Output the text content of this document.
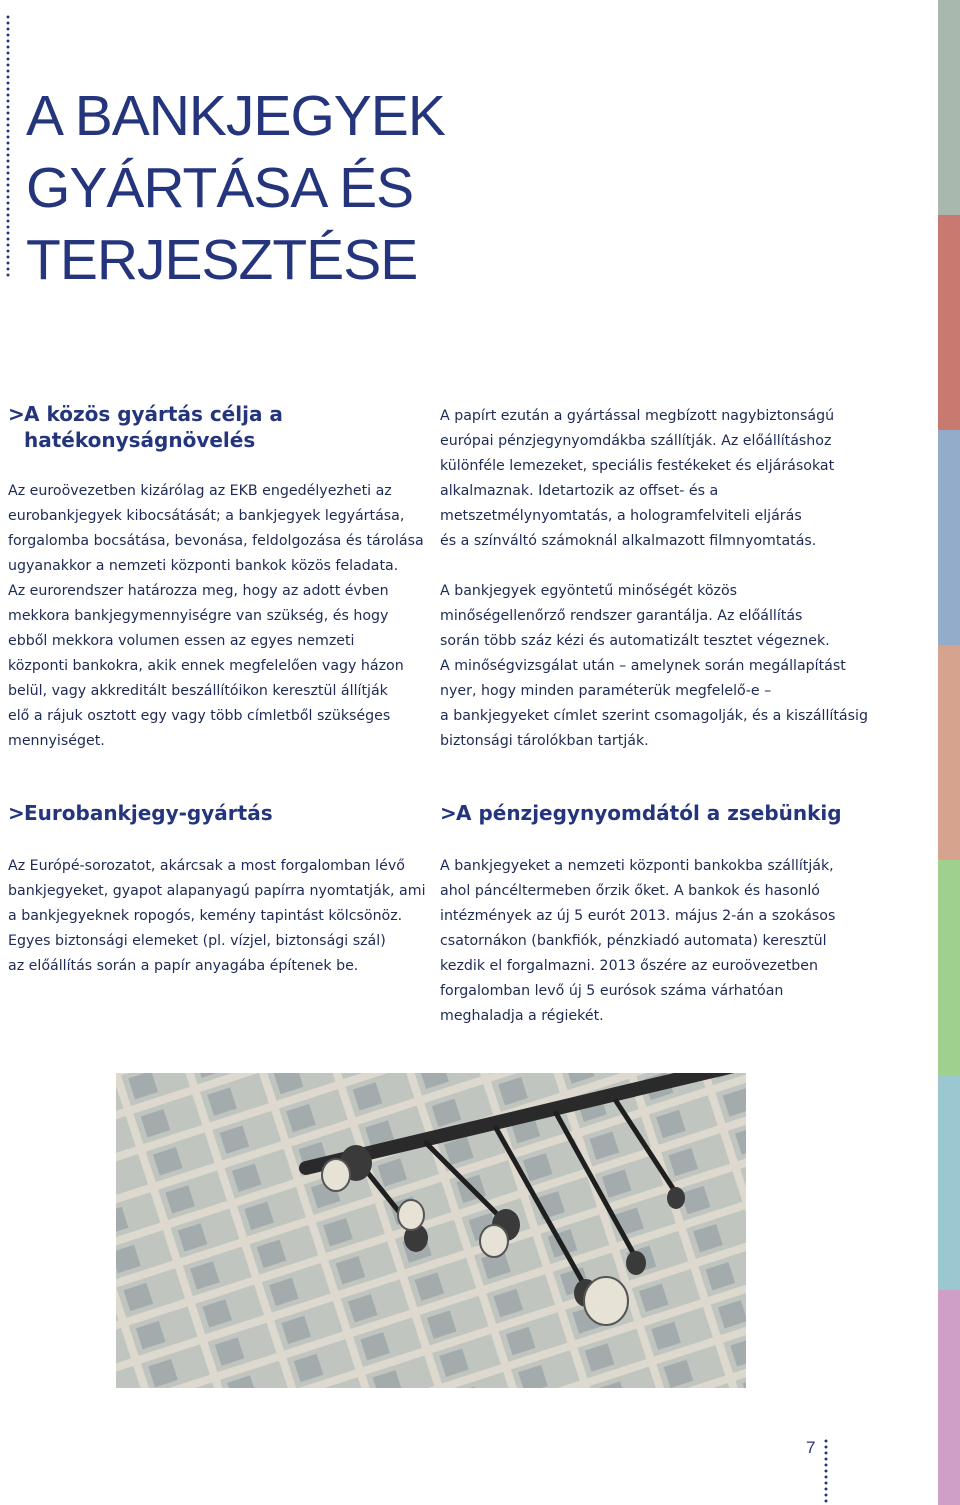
A BANKJEGYEK
GYÁRTÁSA ÉS
TERJESZTÉSE
>A közös gyártás célja a
hatékonyságnövelés

Az euroövezetben kizárólag az EKB engedélyezheti az
eurobankjegyek kibocsátását; a bankjegyek legyártása,
forgalomba bocsátása, bevonása, feldolgozása és tárolása
ugyanakkor a nemzeti központi bankok közös feladata.
Az eurorendszer határozza meg, hogy az adott évben
mekkora bankjegymennyiségre van szükség, és hogy
ebből mekkora volumen essen az egyes nemzeti
központi bankokra, akik ennek megfelelően vagy házon
belül, vagy akkreditált beszállítóikon keresztül állítják
elő a rájuk osztott egy vagy több címletből szükséges
mennyiséget.

A papírt ezután a gyártással megbízott nagybiztonságú
európai pénzjegynyomdákba szállítják. Az előállításhoz
különféle lemezeket, speciális festékeket és eljárásokat
alkalmaznak. Idetartozik az offset- és a
metszetmélynyomtatás, a hologramfelviteli eljárás
és a színváltó számoknál alkalmazott filmnyomtatás.

A bankjegyek egyöntetű minőségét közös
minőségellenőrző rendszer garantálja. Az előállítás
során több száz kézi és automatizált tesztet végeznek.
A minőségvizsgálat után – amelynek során megállapítást
nyer, hogy minden paraméterük megfelelő-e –
a bankjegyeket címlet szerint csomagolják, és a kiszállításig
biztonsági tárolókban tartják.

>Eurobankjegy-gyártás

Az Európé-sorozatot, akárcsak a most forgalomban lévő
bankjegyeket, gyapot alapanyagú papírra nyomtatják, ami
a bankjegyeknek ropogós, kemény tapintást kölcsönöz.
Egyes biztonsági elemeket (pl. vízjel, biztonsági szál)
az előállítás során a papír anyagába építenek be.

>A pénzjegynyomdától a zsebünkig

A bankjegyeket a nemzeti központi bankokba szállítják,
ahol páncéltermeben őrzik őket. A bankok és hasonló
intézmények az új 5 eurót 2013. május 2-án a szokásos
csatornákon (bankfiók, pénzkiadó automata) keresztül
kezdik el forgalmazni. 2013 őszére az euroövezetben
forgalomban levő új 5 eurósok száma várhatóan
meghaladja a régiekét.

7
